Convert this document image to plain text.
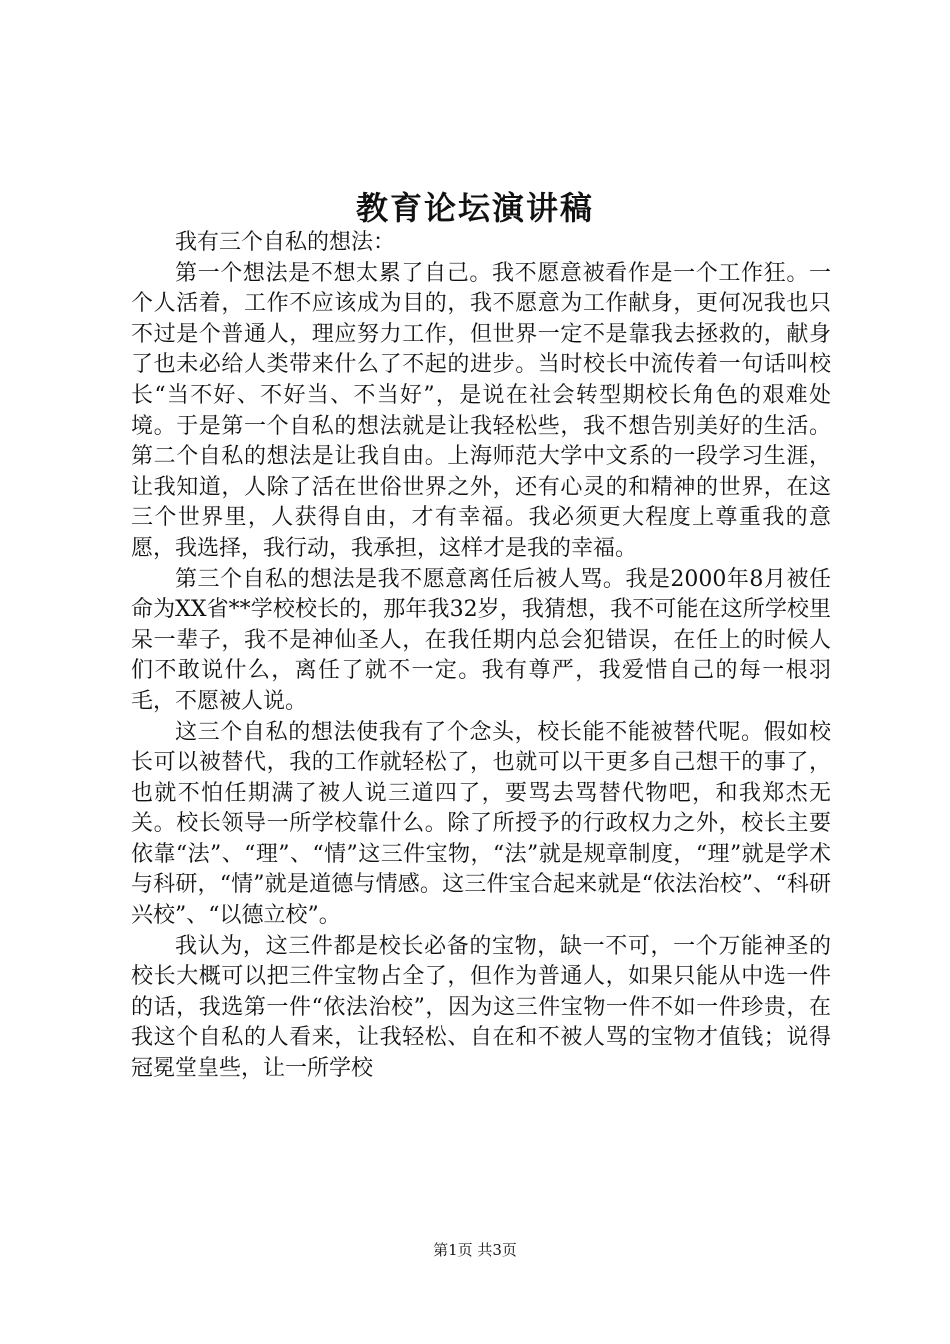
教育论坛演讲稿

我有三个自私的想法：

第一个想法是不想太累了自己。我不愿意被看作是一个工作狂。一个人活着，工作不应该成为目的，我不愿意为工作献身，更何况我也只不过是个普通人，理应努力工作，但世界一定不是靠我去拯救的，献身了也未必给人类带来什么了不起的进步。当时校长中流传着一句话叫校长“当不好、不好当、不当好”，是说在社会转型期校长角色的艰难处境。于是第一个自私的想法就是让我轻松些，我不想告别美好的生活。第二个自私的想法是让我自由。上海师范大学中文系的一段学习生涯，让我知道，人除了活在世俗世界之外，还有心灵的和精神的世界，在这三个世界里，人获得自由，才有幸福。我必须更大程度上尊重我的意愿，我选择，我行动，我承担，这样才是我的幸福。

第三个自私的想法是我不愿意离任后被人骂。我是2000年8月被任命为XX省**学校校长的，那年我32岁，我猜想，我不可能在这所学校里呆一辈子，我不是神仙圣人，在我任期内总会犯错误，在任上的时候人们不敢说什么，离任了就不一定。我有尊严，我爱惜自己的每一根羽毛，不愿被人说。

这三个自私的想法使我有了个念头，校长能不能被替代呢。假如校长可以被替代，我的工作就轻松了，也就可以干更多自己想干的事了，也就不怕任期满了被人说三道四了，要骂去骂替代物吧，和我郑杰无关。校长领导一所学校靠什么。除了所授予的行政权力之外，校长主要依靠“法”、“理”、“情”这三件宝物，“法”就是规章制度，“理”就是学术与科研，“情”就是道德与情感。这三件宝合起来就是“依法治校”、“科研兴校”、“以德立校”。

我认为，这三件都是校长必备的宝物，缺一不可，一个万能神圣的校长大概可以把三件宝物占全了，但作为普通人，如果只能从中选一件的话，我选第一件“依法治校”，因为这三件宝物一件不如一件珍贵，在我这个自私的人看来，让我轻松、自在和不被人骂的宝物才值钱；说得冠冕堂皇些，让一所学校

第1页 共3页
